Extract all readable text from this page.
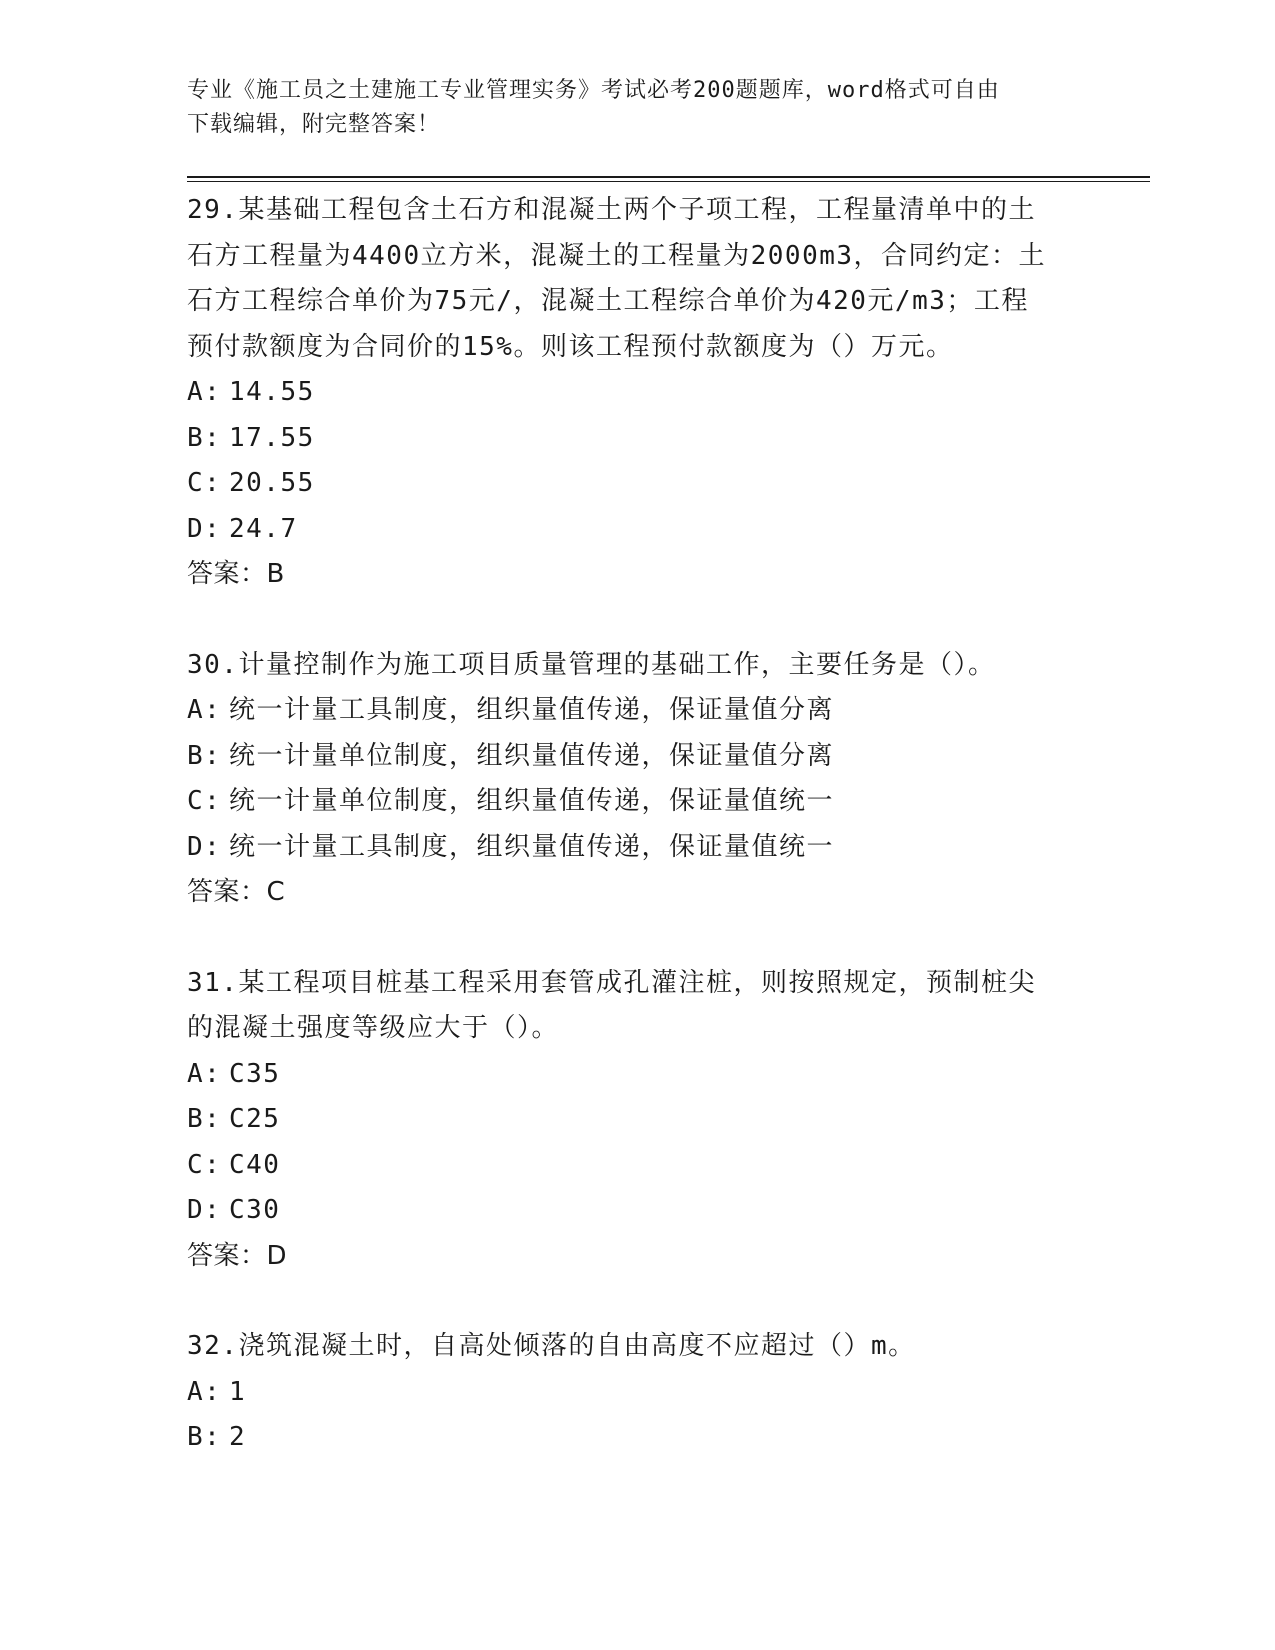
专业《施工员之土建施工专业管理实务》考试必考200题题库，word格式可自由
下载编辑，附完整答案！
29.某基础工程包含土石方和混凝土两个子项工程，工程量清单中的土
石方工程量为4400立方米，混凝土的工程量为2000m3，合同约定：土
石方工程综合单价为75元/，混凝土工程综合单价为420元/m3；工程
预付款额度为合同价的15%。则该工程预付款额度为（）万元。
A: 14.55
B: 17.55
C: 20.55
D: 24.7
答案：B
30.计量控制作为施工项目质量管理的基础工作，主要任务是（）。
A: 统一计量工具制度，组织量值传递，保证量值分离
B: 统一计量单位制度，组织量值传递，保证量值分离
C: 统一计量单位制度，组织量值传递，保证量值统一
D: 统一计量工具制度，组织量值传递，保证量值统一
答案：C
31.某工程项目桩基工程采用套管成孔灌注桩，则按照规定，预制桩尖
的混凝土强度等级应大于（）。
A: C35
B: C25
C: C40
D: C30
答案：D
32.浇筑混凝土时，自高处倾落的自由高度不应超过（）m。
A: 1
B: 2
